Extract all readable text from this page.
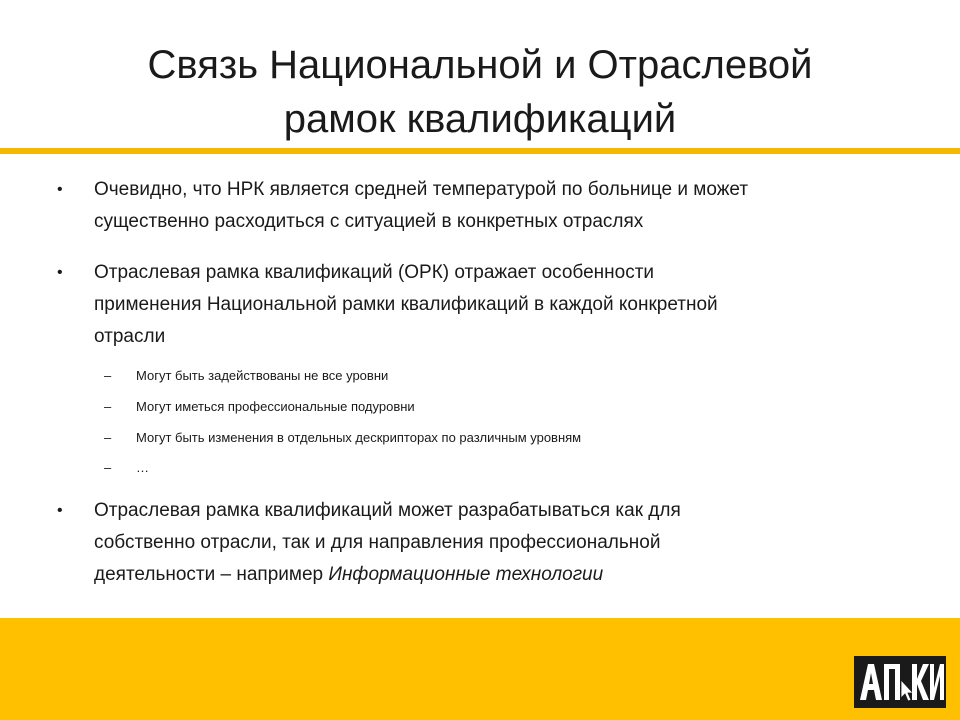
Связь Национальной и Отраслевой
рамок квалификаций
• Очевидно, что НРК является средней температурой по больнице и может
существенно расходиться с ситуацией в конкретных отраслях
• Отраслевая рамка квалификаций (ОРК) отражает особенности
применения Национальной рамки квалификаций в каждой конкретной
отрасли
– Могут быть задействованы не все уровни
– Могут иметься профессиональные подуровни
– Могут быть изменения в отдельных дескрипторах по различным уровням
– …
• Отраслевая рамка квалификаций может разрабатываться как для
собственно отрасли, так и для направления профессиональной
деятельности – например Информационные технологии
